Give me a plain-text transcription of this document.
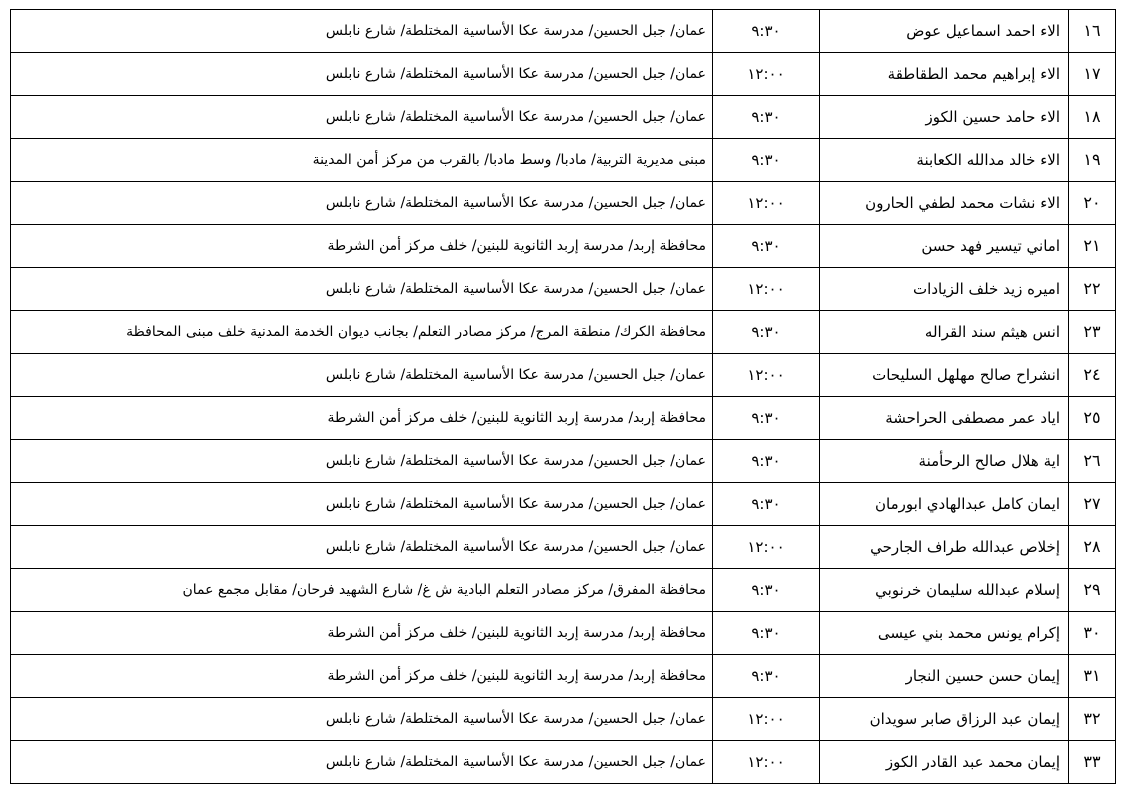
١٦	الاء احمد اسماعيل عوض	٩:٣٠	عمان/ جبل الحسين/ مدرسة عكا الأساسية المختلطة/ شارع نابلس
١٧	الاء إبراهيم محمد الطقاطقة	١٢:٠٠	عمان/ جبل الحسين/ مدرسة عكا الأساسية المختلطة/ شارع نابلس
١٨	الاء حامد حسين الكوز	٩:٣٠	عمان/ جبل الحسين/ مدرسة عكا الأساسية المختلطة/ شارع نابلس
١٩	الاء خالد مدالله الكعابنة	٩:٣٠	مبنى مديرية التربية/ مادبا/ وسط مادبا/ بالقرب من مركز أمن المدينة
٢٠	الاء نشات محمد لطفي الحارون	١٢:٠٠	عمان/ جبل الحسين/ مدرسة عكا الأساسية المختلطة/ شارع نابلس
٢١	اماني تيسير فهد حسن	٩:٣٠	محافظة إربد/ مدرسة إربد الثانوية للبنين/ خلف مركز أمن الشرطة
٢٢	اميره زيد خلف الزيادات	١٢:٠٠	عمان/ جبل الحسين/ مدرسة عكا الأساسية المختلطة/ شارع نابلس
٢٣	انس هيثم سند القراله	٩:٣٠	محافظة الكرك/ منطقة المرج/ مركز مصادر التعلم/ بجانب ديوان الخدمة المدنية خلف مبنى المحافظة
٢٤	انشراح صالح مهلهل السليحات	١٢:٠٠	عمان/ جبل الحسين/ مدرسة عكا الأساسية المختلطة/ شارع نابلس
٢٥	اياد عمر مصطفى الحراحشة	٩:٣٠	محافظة إربد/ مدرسة إربد الثانوية للبنين/ خلف مركز أمن الشرطة
٢٦	اية هلال صالح الرحأمنة	٩:٣٠	عمان/ جبل الحسين/ مدرسة عكا الأساسية المختلطة/ شارع نابلس
٢٧	ايمان كامل عبدالهادي ابورمان	٩:٣٠	عمان/ جبل الحسين/ مدرسة عكا الأساسية المختلطة/ شارع نابلس
٢٨	إخلاص عبدالله طراف الجارحي	١٢:٠٠	عمان/ جبل الحسين/ مدرسة عكا الأساسية المختلطة/ شارع نابلس
٢٩	إسلام عبدالله سليمان خرنوبي	٩:٣٠	محافظة المفرق/ مركز مصادر التعلم البادية ش غ/ شارع الشهيد فرحان/ مقابل مجمع عمان
٣٠	إكرام يونس محمد بني عيسى	٩:٣٠	محافظة إربد/ مدرسة إربد الثانوية للبنين/ خلف مركز أمن الشرطة
٣١	إيمان حسن حسين النجار	٩:٣٠	محافظة إربد/ مدرسة إربد الثانوية للبنين/ خلف مركز أمن الشرطة
٣٢	إيمان عبد الرزاق صابر سويدان	١٢:٠٠	عمان/ جبل الحسين/ مدرسة عكا الأساسية المختلطة/ شارع نابلس
٣٣	إيمان محمد عبد القادر الكوز	١٢:٠٠	عمان/ جبل الحسين/ مدرسة عكا الأساسية المختلطة/ شارع نابلس
